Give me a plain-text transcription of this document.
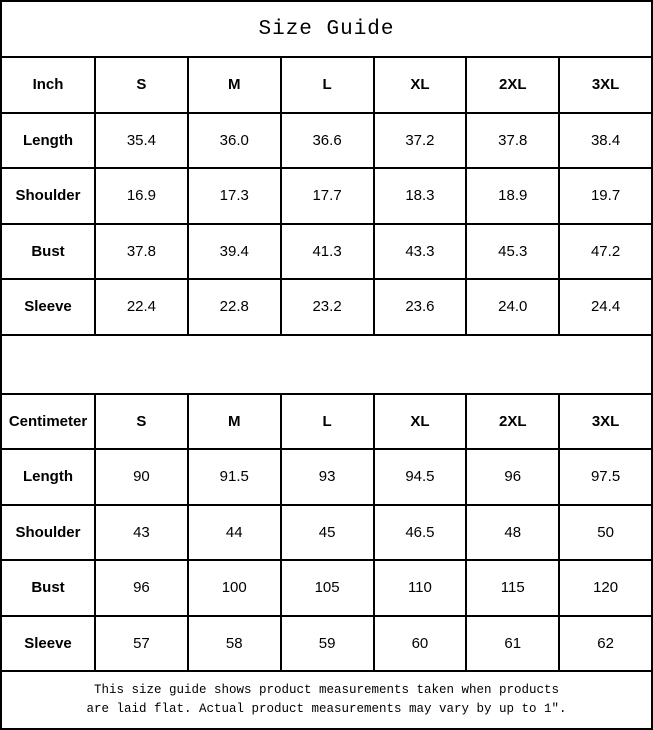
Size Guide
Inch	S	M	L	XL	2XL	3XL
Length	35.4	36.0	36.6	37.2	37.8	38.4
Shoulder	16.9	17.3	17.7	18.3	18.9	19.7
Bust	37.8	39.4	41.3	43.3	45.3	47.2
Sleeve	22.4	22.8	23.2	23.6	24.0	24.4
Centimeter	S	M	L	XL	2XL	3XL
Length	90	91.5	93	94.5	96	97.5
Shoulder	43	44	45	46.5	48	50
Bust	96	100	105	110	115	120
Sleeve	57	58	59	60	61	62
This size guide shows product measurements taken when products
are laid flat. Actual product measurements may vary by up to 1″.
